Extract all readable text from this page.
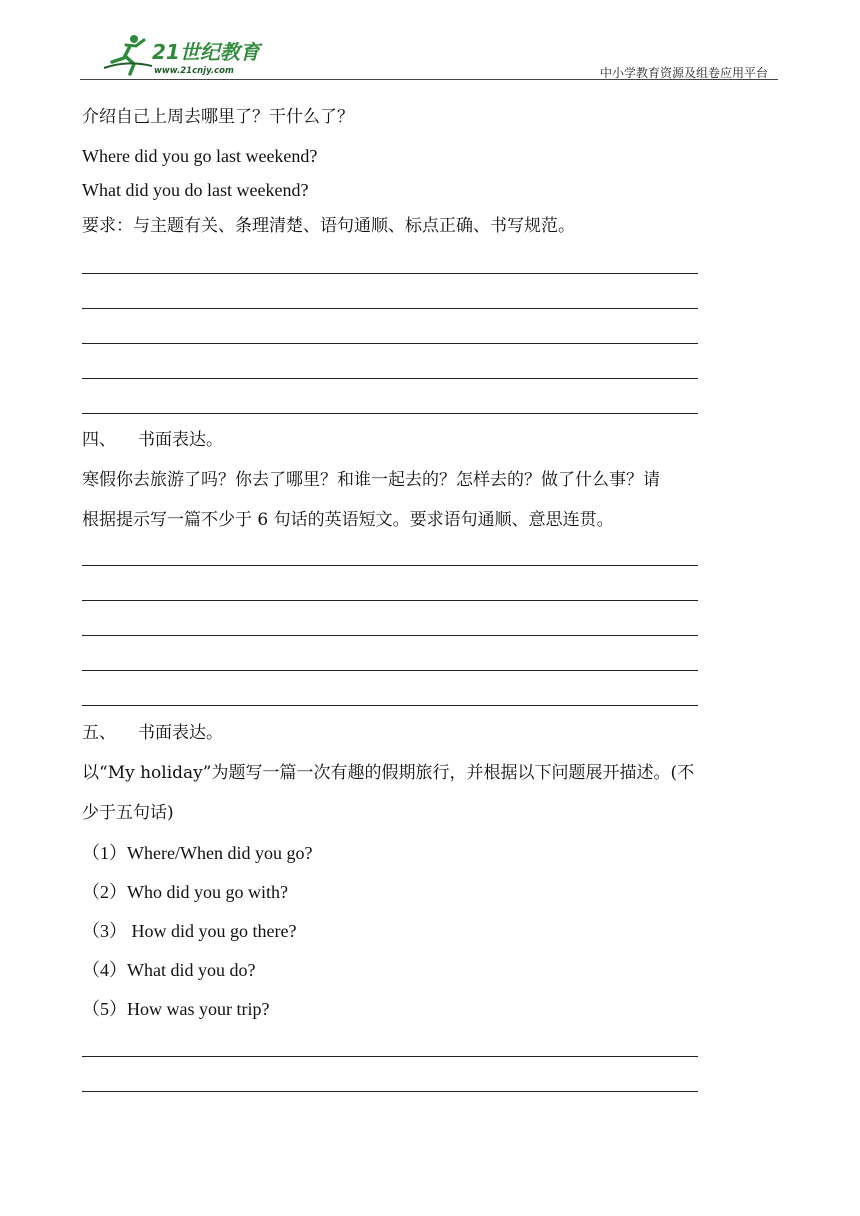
21世纪教育
www.21cnjy.com	中小学教育资源及组卷应用平台
介绍自己上周去哪里了？干什么了？
Where did you go last weekend?
What did you do last weekend?
要求：与主题有关、条理清楚、语句通顺、标点正确、书写规范。
四、 书面表达。
寒假你去旅游了吗？你去了哪里？和谁一起去的？怎样去的？做了什么事？请
根据提示写一篇不少于 6 句话的英语短文。要求语句通顺、意思连贯。
五、 书面表达。
以“My holiday”为题写一篇一次有趣的假期旅行，并根据以下问题展开描述。(不
少于五句话)
（1）Where/When did you go?
（2）Who did you go with?
（3） How did you go there?
（4）What did you do?
（5）How was your trip?
